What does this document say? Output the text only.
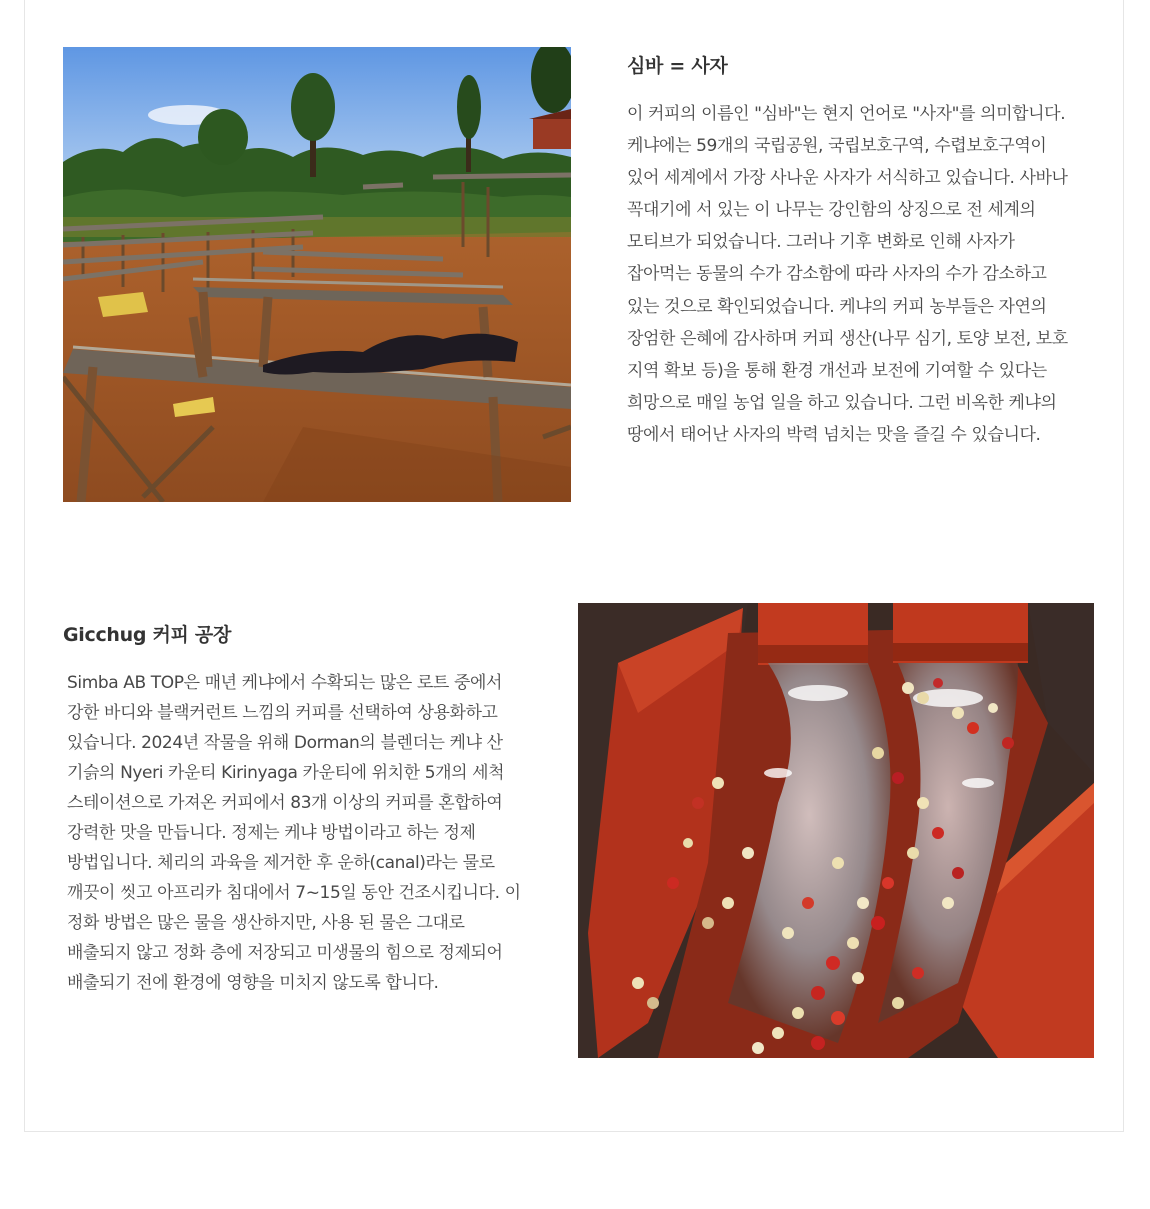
심바 = 사자

이 커피의 이름인 "심바"는 현지 언어로 "사자"를 의미합니다.
케냐에는 59개의 국립공원, 국립보호구역, 수렵보호구역이
있어 세계에서 가장 사나운 사자가 서식하고 있습니다. 사바나
꼭대기에 서 있는 이 나무는 강인함의 상징으로 전 세계의
모티브가 되었습니다. 그러나 기후 변화로 인해 사자가
잡아먹는 동물의 수가 감소함에 따라 사자의 수가 감소하고
있는 것으로 확인되었습니다. 케냐의 커피 농부들은 자연의
장엄한 은혜에 감사하며 커피 생산(나무 심기, 토양 보전, 보호
지역 확보 등)을 통해 환경 개선과 보전에 기여할 수 있다는
희망으로 매일 농업 일을 하고 있습니다. 그런 비옥한 케냐의
땅에서 태어난 사자의 박력 넘치는 맛을 즐길 수 있습니다.

Gicchug 커피 공장

Simba AB TOP은 매년 케냐에서 수확되는 많은 로트 중에서
강한 바디와 블랙커런트 느낌의 커피를 선택하여 상용화하고
있습니다. 2024년 작물을 위해 Dorman의 블렌더는 케냐 산
기슭의 Nyeri 카운티 Kirinyaga 카운티에 위치한 5개의 세척
스테이션으로 가져온 커피에서 83개 이상의 커피를 혼합하여
강력한 맛을 만듭니다. 정제는 케냐 방법이라고 하는 정제
방법입니다. 체리의 과육을 제거한 후 운하(canal)라는 물로
깨끗이 씻고 아프리카 침대에서 7~15일 동안 건조시킵니다. 이
정화 방법은 많은 물을 생산하지만, 사용 된 물은 그대로
배출되지 않고 정화 층에 저장되고 미생물의 힘으로 정제되어
배출되기 전에 환경에 영향을 미치지 않도록 합니다.
